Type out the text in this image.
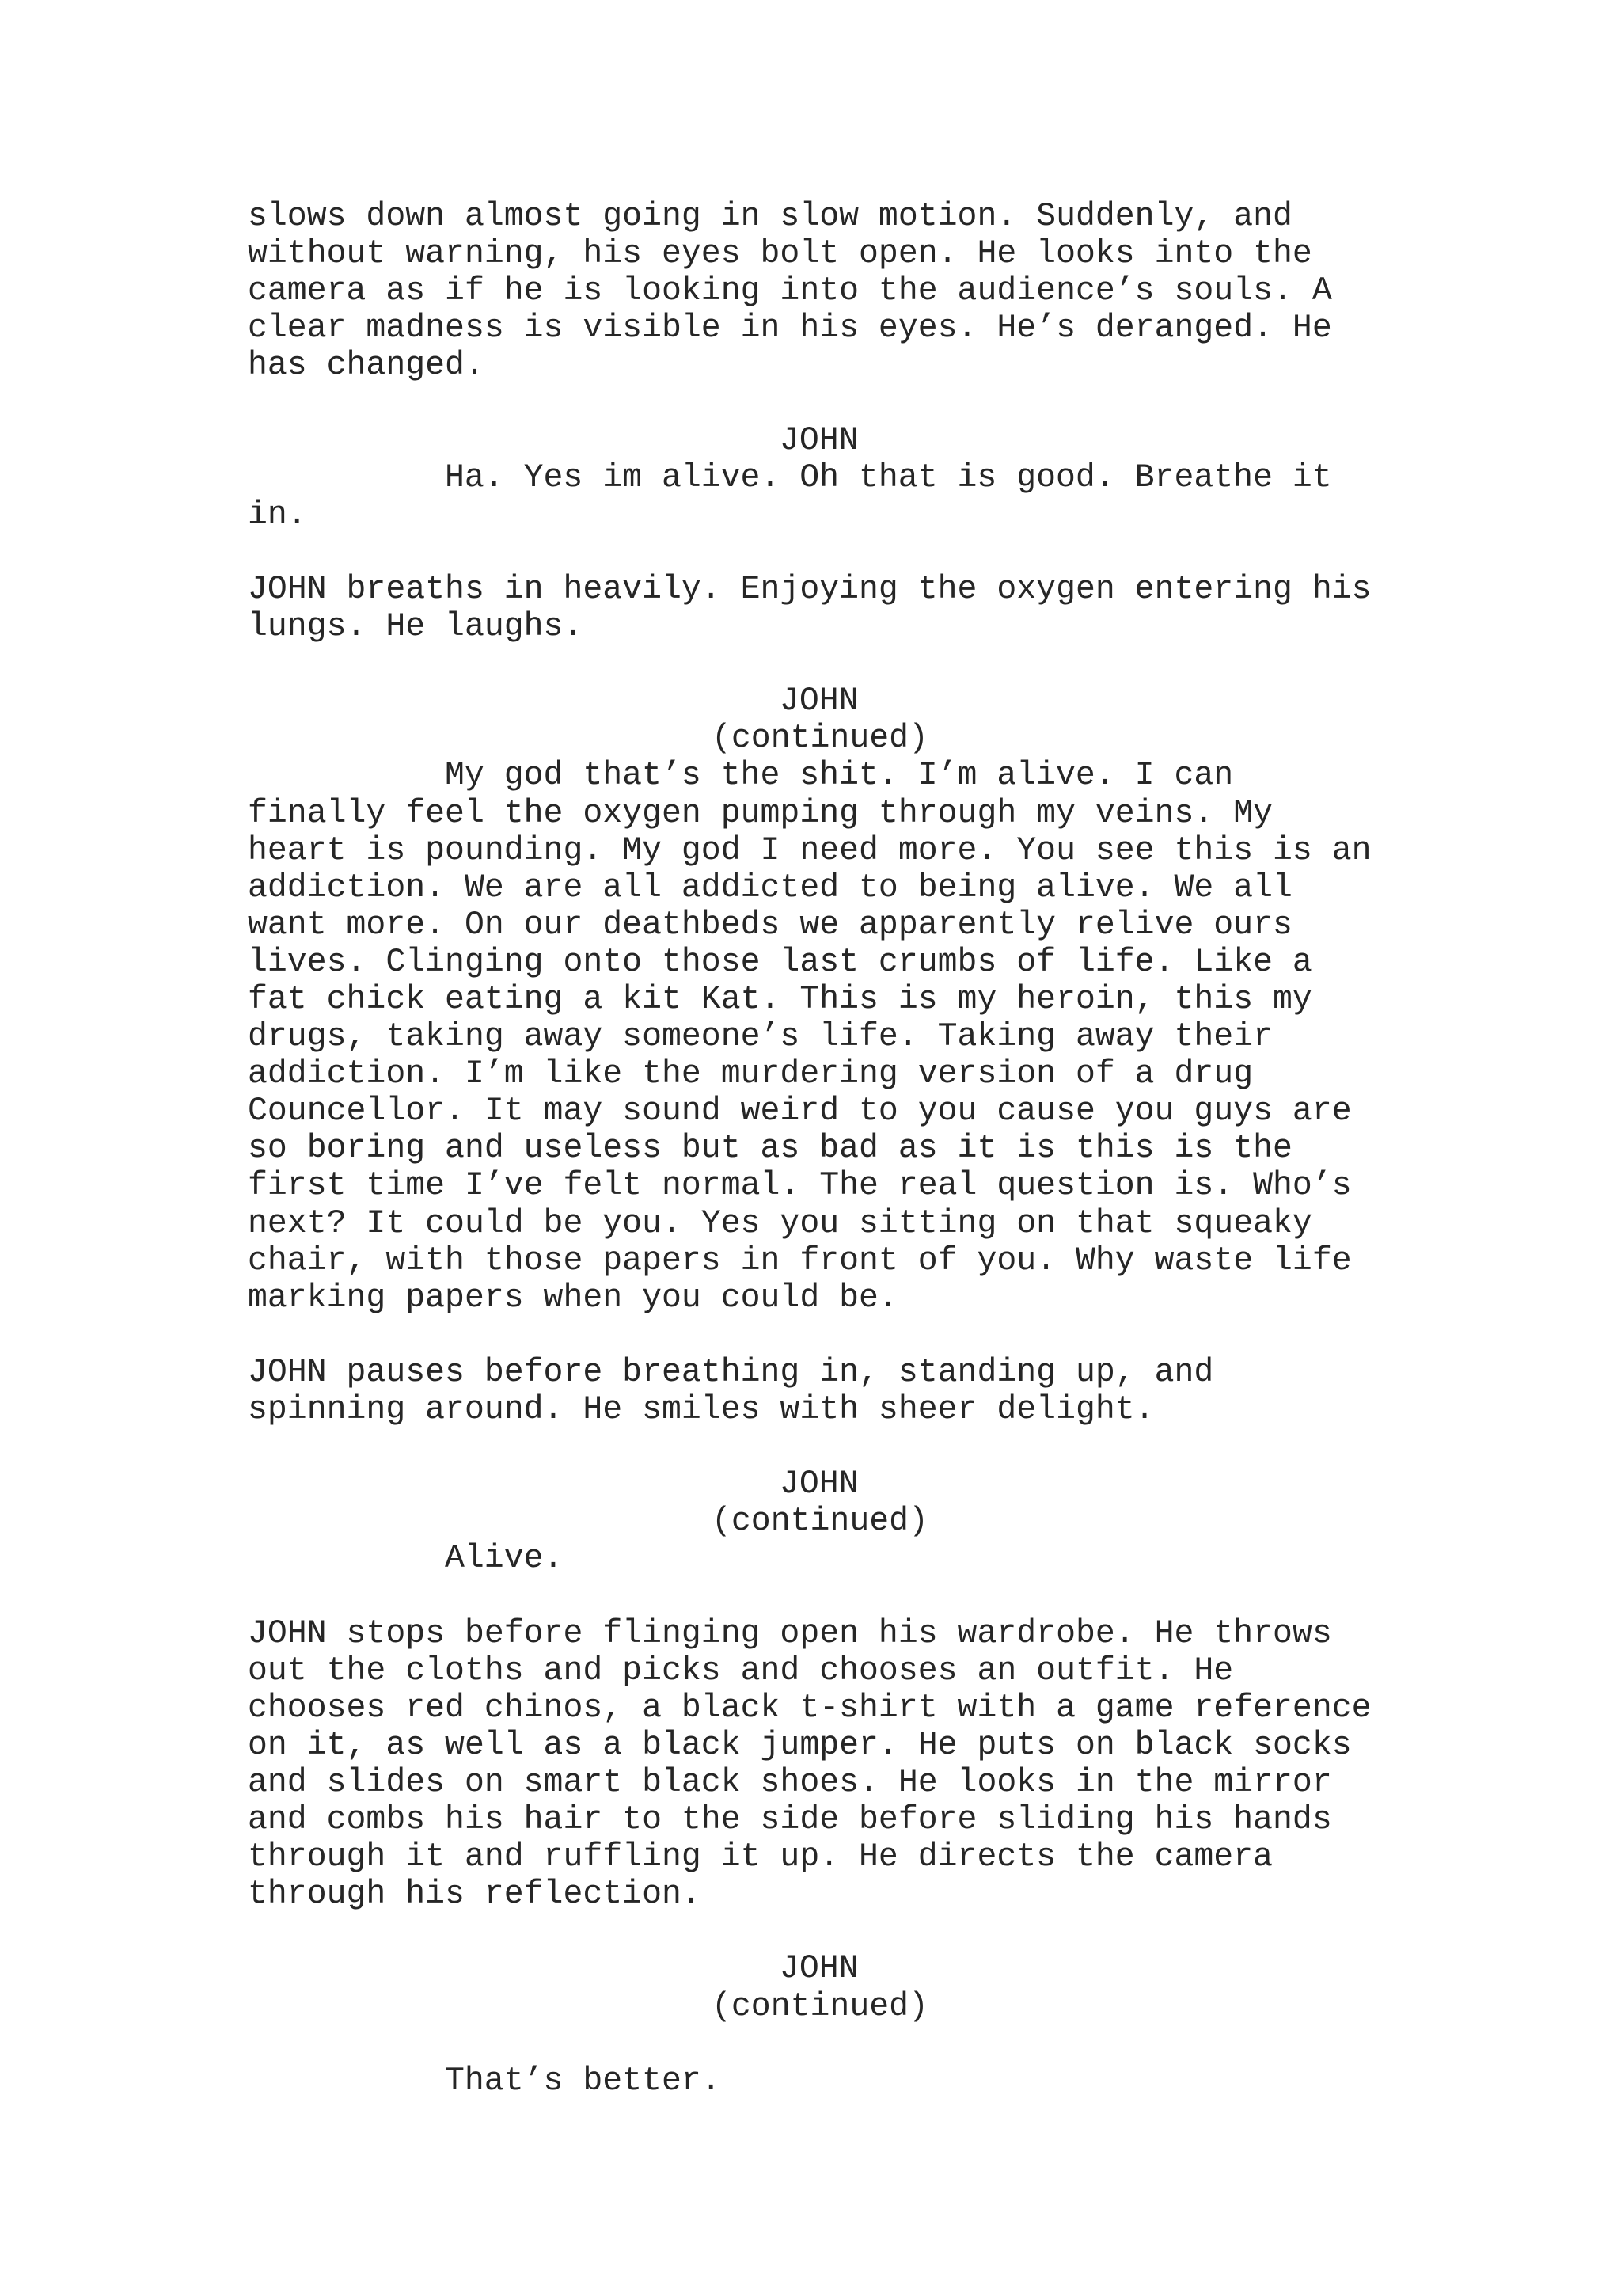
slows down almost going in slow motion. Suddenly, and
without warning, his eyes bolt open. He looks into the
camera as if he is looking into the audience’s souls. A
clear madness is visible in his eyes. He’s deranged. He
has changed.
JOHN
Ha. Yes im alive. Oh that is good. Breathe it
in.
JOHN breaths in heavily. Enjoying the oxygen entering his
lungs. He laughs.
JOHN
(continued)
My god that’s the shit. I’m alive. I can
finally feel the oxygen pumping through my veins. My
heart is pounding. My god I need more. You see this is an
addiction. We are all addicted to being alive. We all
want more. On our deathbeds we apparently relive ours
lives. Clinging onto those last crumbs of life. Like a
fat chick eating a kit Kat. This is my heroin, this my
drugs, taking away someone’s life. Taking away their
addiction. I’m like the murdering version of a drug
Councellor. It may sound weird to you cause you guys are
so boring and useless but as bad as it is this is the
first time I’ve felt normal. The real question is. Who’s
next? It could be you. Yes you sitting on that squeaky
chair, with those papers in front of you. Why waste life
marking papers when you could be.
JOHN pauses before breathing in, standing up, and
spinning around. He smiles with sheer delight.
JOHN
(continued)
Alive.
JOHN stops before flinging open his wardrobe. He throws
out the cloths and picks and chooses an outfit. He
chooses red chinos, a black t-shirt with a game reference
on it, as well as a black jumper. He puts on black socks
and slides on smart black shoes. He looks in the mirror
and combs his hair to the side before sliding his hands
through it and ruffling it up. He directs the camera
through his reflection.
JOHN
(continued)
That’s better.
